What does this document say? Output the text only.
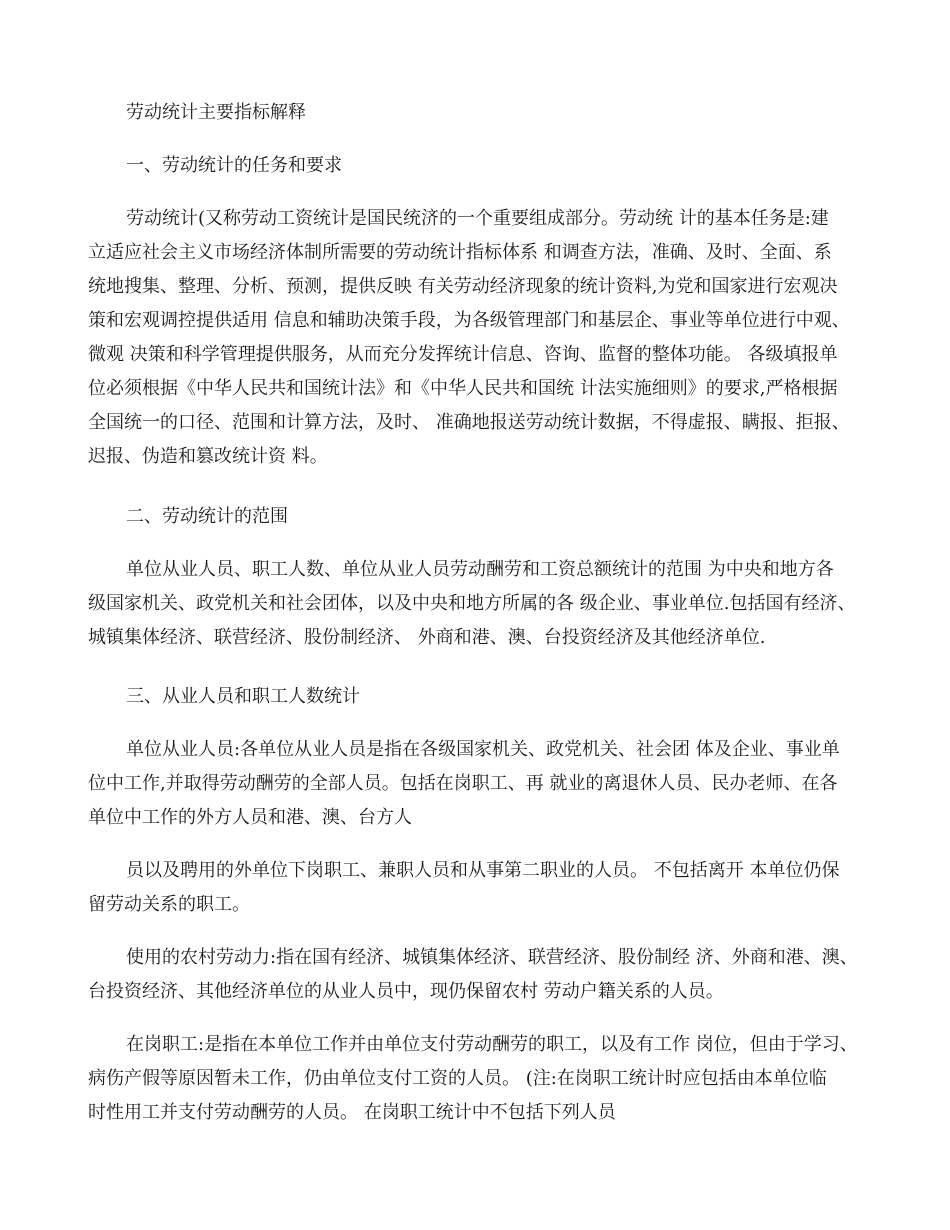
劳动统计主要指标解释
一、劳动统计的任务和要求
劳动统计(又称劳动工资统计是国民统济的一个重要组成部分。劳动统 计的基本任务是:建
立适应社会主义市场经济体制所需要的劳动统计指标体系 和调查方法，准确、及时、全面、系
统地搜集、整理、分析、预测，提供反映 有关劳动经济现象的统计资料,为党和国家进行宏观决
策和宏观调控提供适用 信息和辅助决策手段，为各级管理部门和基层企、事业等单位进行中观、
微观 决策和科学管理提供服务，从而充分发挥统计信息、咨询、监督的整体功能。 各级填报单
位必须根据《中华人民共和国统计法》和《中华人民共和国统 计法实施细则》的要求,严格根据
全国统一的口径、范围和计算方法，及时、 准确地报送劳动统计数据，不得虚报、瞒报、拒报、
迟报、伪造和篡改统计资 料。
二、劳动统计的范围
单位从业人员、职工人数、单位从业人员劳动酬劳和工资总额统计的范围 为中央和地方各
级国家机关、政党机关和社会团体，以及中央和地方所属的各 级企业、事业单位.包括国有经济、
城镇集体经济、联营经济、股份制经济、 外商和港、澳、台投资经济及其他经济单位.
三、从业人员和职工人数统计
单位从业人员:各单位从业人员是指在各级国家机关、政党机关、社会团 体及企业、事业单
位中工作,并取得劳动酬劳的全部人员。包括在岗职工、再 就业的离退休人员、民办老师、在各
单位中工作的外方人员和港、澳、台方人
员以及聘用的外单位下岗职工、兼职人员和从事第二职业的人员。 不包括离开 本单位仍保
留劳动关系的职工。
使用的农村劳动力:指在国有经济、城镇集体经济、联营经济、股份制经 济、外商和港、澳、
台投资经济、其他经济单位的从业人员中，现仍保留农村 劳动户籍关系的人员。
在岗职工:是指在本单位工作并由单位支付劳动酬劳的职工，以及有工作 岗位，但由于学习、
病伤产假等原因暂未工作，仍由单位支付工资的人员。 (注:在岗职工统计时应包括由本单位临
时性用工并支付劳动酬劳的人员。 在岗职工统计中不包括下列人员
